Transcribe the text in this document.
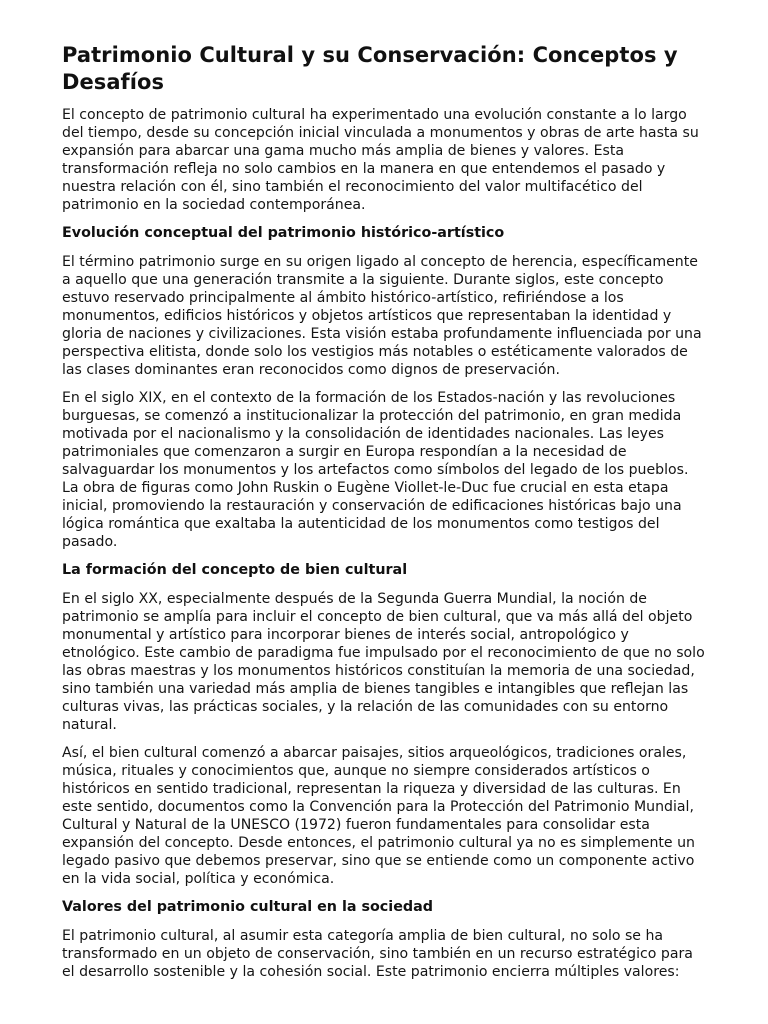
Patrimonio Cultural y su Conservación: Conceptos y Desafíos

El concepto de patrimonio cultural ha experimentado una evolución constante a lo largo del tiempo, desde su concepción inicial vinculada a monumentos y obras de arte hasta su expansión para abarcar una gama mucho más amplia de bienes y valores. Esta transformación refleja no solo cambios en la manera en que entendemos el pasado y nuestra relación con él, sino también el reconocimiento del valor multifacético del patrimonio en la sociedad contemporánea.

Evolución conceptual del patrimonio histórico-artístico

El término patrimonio surge en su origen ligado al concepto de herencia, específicamente a aquello que una generación transmite a la siguiente. Durante siglos, este concepto estuvo reservado principalmente al ámbito histórico-artístico, refiriéndose a los monumentos, edificios históricos y objetos artísticos que representaban la identidad y gloria de naciones y civilizaciones. Esta visión estaba profundamente influenciada por una perspectiva elitista, donde solo los vestigios más notables o estéticamente valorados de las clases dominantes eran reconocidos como dignos de preservación.

En el siglo XIX, en el contexto de la formación de los Estados-nación y las revoluciones burguesas, se comenzó a institucionalizar la protección del patrimonio, en gran medida motivada por el nacionalismo y la consolidación de identidades nacionales. Las leyes patrimoniales que comenzaron a surgir en Europa respondían a la necesidad de salvaguardar los monumentos y los artefactos como símbolos del legado de los pueblos. La obra de figuras como John Ruskin o Eugène Viollet-le-Duc fue crucial en esta etapa inicial, promoviendo la restauración y conservación de edificaciones históricas bajo una lógica romántica que exaltaba la autenticidad de los monumentos como testigos del pasado.

La formación del concepto de bien cultural

En el siglo XX, especialmente después de la Segunda Guerra Mundial, la noción de patrimonio se amplía para incluir el concepto de bien cultural, que va más allá del objeto monumental y artístico para incorporar bienes de interés social, antropológico y etnológico. Este cambio de paradigma fue impulsado por el reconocimiento de que no solo las obras maestras y los monumentos históricos constituían la memoria de una sociedad, sino también una variedad más amplia de bienes tangibles e intangibles que reflejan las culturas vivas, las prácticas sociales, y la relación de las comunidades con su entorno natural.

Así, el bien cultural comenzó a abarcar paisajes, sitios arqueológicos, tradiciones orales, música, rituales y conocimientos que, aunque no siempre considerados artísticos o históricos en sentido tradicional, representan la riqueza y diversidad de las culturas. En este sentido, documentos como la Convención para la Protección del Patrimonio Mundial, Cultural y Natural de la UNESCO (1972) fueron fundamentales para consolidar esta expansión del concepto. Desde entonces, el patrimonio cultural ya no es simplemente un legado pasivo que debemos preservar, sino que se entiende como un componente activo en la vida social, política y económica.

Valores del patrimonio cultural en la sociedad

El patrimonio cultural, al asumir esta categoría amplia de bien cultural, no solo se ha transformado en un objeto de conservación, sino también en un recurso estratégico para el desarrollo sostenible y la cohesión social. Este patrimonio encierra múltiples valores:
